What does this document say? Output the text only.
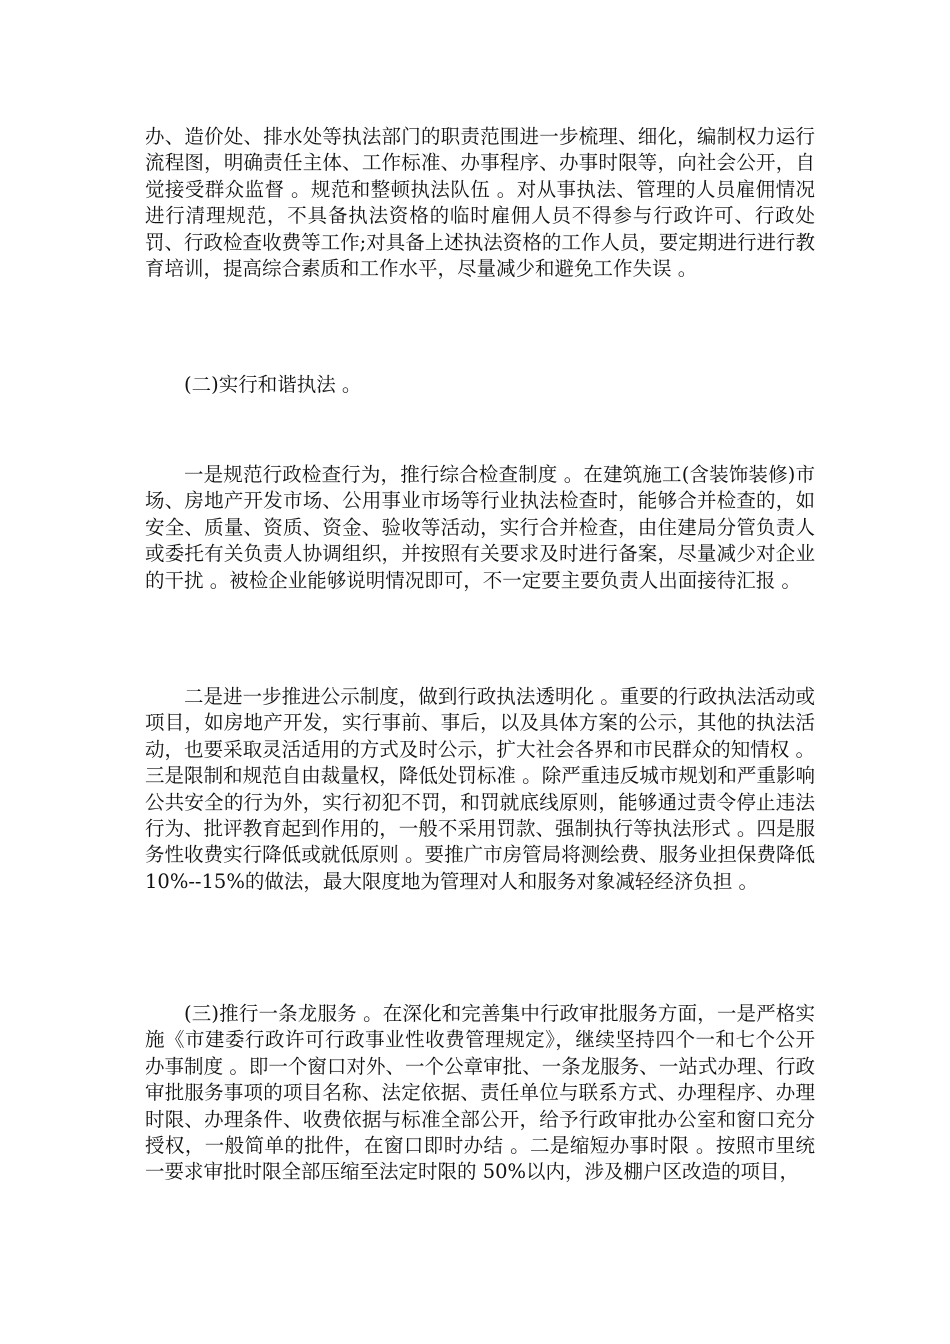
办、造价处、排水处等执法部门的职责范围进一步梳理、细化，编制权力运行流程图，明确责任主体、工作标准、办事程序、办事时限等，向社会公开，自觉接受群众监督 。规范和整顿执法队伍 。对从事执法、管理的人员雇佣情况进行清理规范，不具备执法资格的临时雇佣人员不得参与行政许可、行政处罚、行政检查收费等工作;对具备上述执法资格的工作人员，要定期进行进行教育培训，提高综合素质和工作水平，尽量减少和避免工作失误 。

(二)实行和谐执法 。

一是规范行政检查行为，推行综合检查制度 。在建筑施工(含装饰装修)市场、房地产开发市场、公用事业市场等行业执法检查时，能够合并检查的，如安全、质量、资质、资金、验收等活动，实行合并检查，由住建局分管负责人或委托有关负责人协调组织，并按照有关要求及时进行备案，尽量减少对企业的干扰 。被检企业能够说明情况即可，不一定要主要负责人出面接待汇报 。

二是进一步推进公示制度，做到行政执法透明化 。重要的行政执法活动或项目，如房地产开发，实行事前、事后，以及具体方案的公示，其他的执法活动，也要采取灵活适用的方式及时公示，扩大社会各界和市民群众的知情权 。三是限制和规范自由裁量权，降低处罚标准 。除严重违反城市规划和严重影响公共安全的行为外，实行初犯不罚，和罚就底线原则，能够通过责令停止违法行为、批评教育起到作用的，一般不采用罚款、强制执行等执法形式 。四是服务性收费实行降低或就低原则 。要推广市房管局将测绘费、服务业担保费降低 10%--15%的做法，最大限度地为管理对人和服务对象减轻经济负担 。

(三)推行一条龙服务 。在深化和完善集中行政审批服务方面，一是严格实施《市建委行政许可行政事业性收费管理规定》，继续坚持四个一和七个公开办事制度 。即一个窗口对外、一个公章审批、一条龙服务、一站式办理、行政审批服务事项的项目名称、法定依据、责任单位与联系方式、办理程序、办理时限、办理条件、收费依据与标准全部公开，给予行政审批办公室和窗口充分授权，一般简单的批件，在窗口即时办结 。二是缩短办事时限 。按照市里统一要求审批时限全部压缩至法定时限的 50%以内，涉及棚户区改造的项目，
